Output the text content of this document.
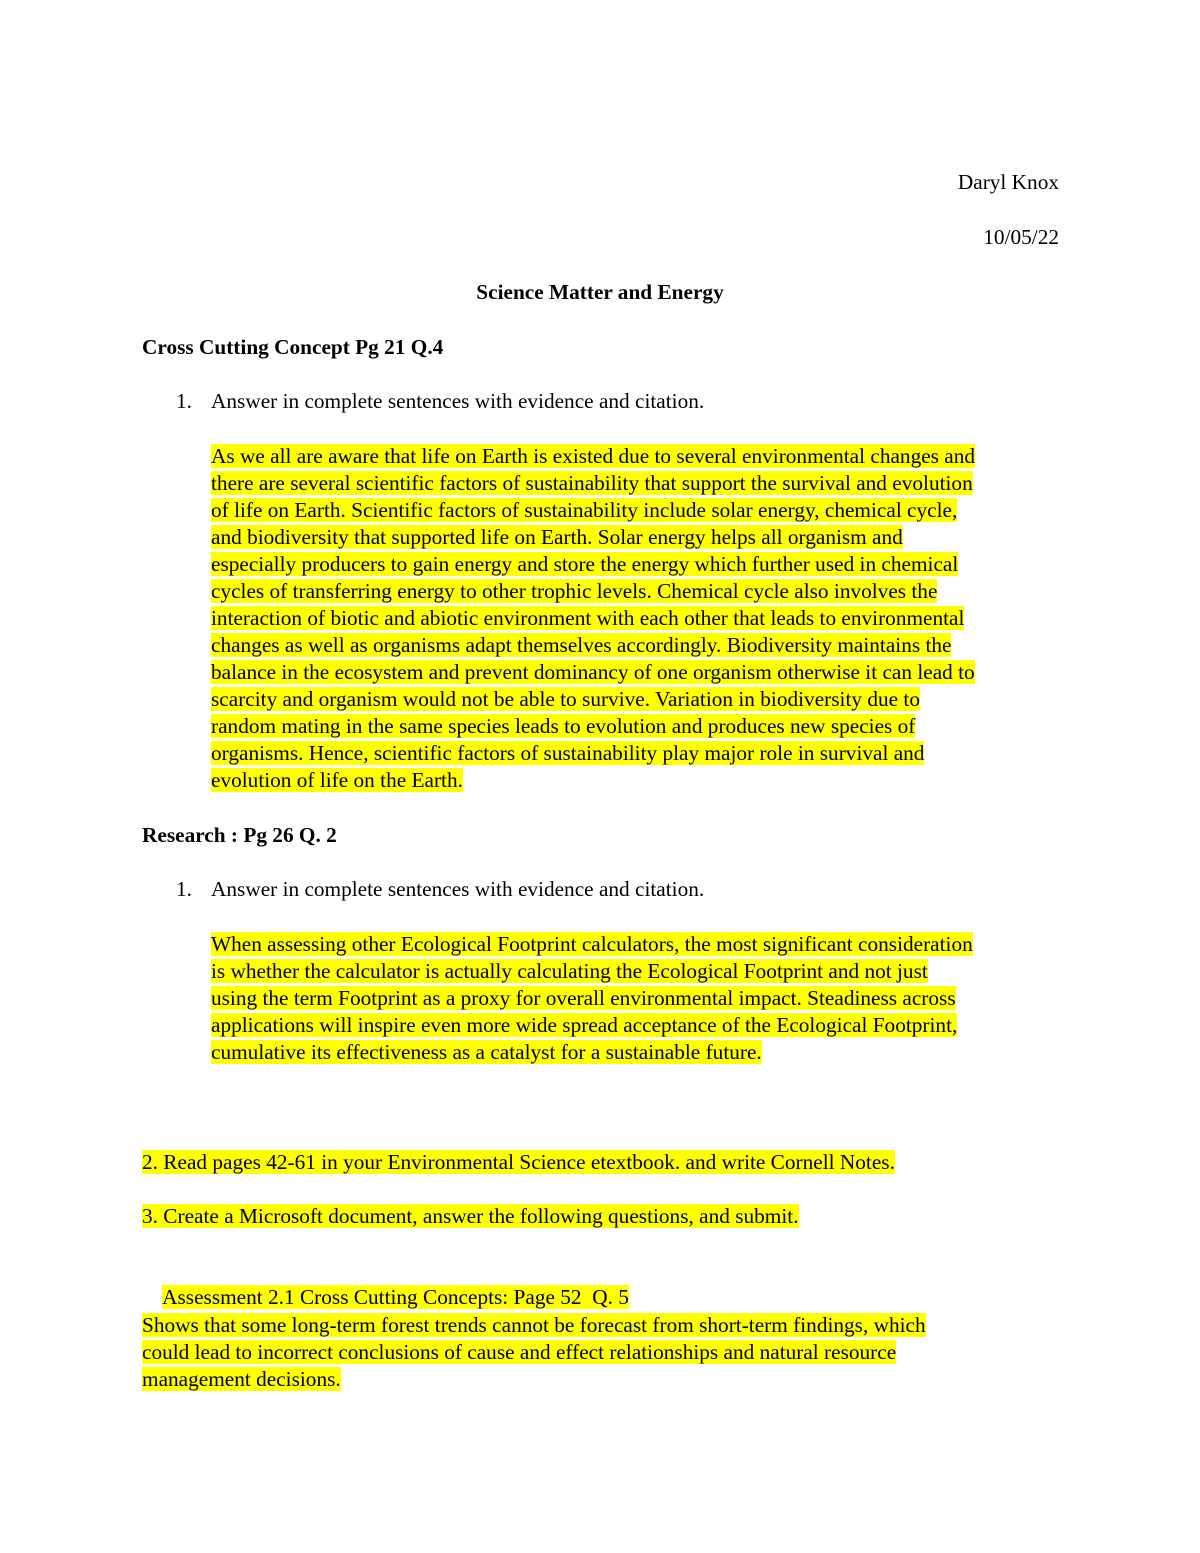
Daryl Knox
10/05/22
Science Matter and Energy
Cross Cutting Concept Pg 21 Q.4
1. Answer in complete sentences with evidence and citation.
As we all are aware that life on Earth is existed due to several environmental changes and
there are several scientific factors of sustainability that support the survival and evolution
of life on Earth. Scientific factors of sustainability include solar energy, chemical cycle,
and biodiversity that supported life on Earth. Solar energy helps all organism and
especially producers to gain energy and store the energy which further used in chemical
cycles of transferring energy to other trophic levels. Chemical cycle also involves the
interaction of biotic and abiotic environment with each other that leads to environmental
changes as well as organisms adapt themselves accordingly. Biodiversity maintains the
balance in the ecosystem and prevent dominancy of one organism otherwise it can lead to
scarcity and organism would not be able to survive. Variation in biodiversity due to
random mating in the same species leads to evolution and produces new species of
organisms. Hence, scientific factors of sustainability play major role in survival and
evolution of life on the Earth.
Research : Pg 26 Q. 2
1. Answer in complete sentences with evidence and citation.
When assessing other Ecological Footprint calculators, the most significant consideration
is whether the calculator is actually calculating the Ecological Footprint and not just
using the term Footprint as a proxy for overall environmental impact. Steadiness across
applications will inspire even more wide spread acceptance of the Ecological Footprint,
cumulative its effectiveness as a catalyst for a sustainable future.
2. Read pages 42-61 in your Environmental Science etextbook. and write Cornell Notes.
3. Create a Microsoft document, answer the following questions, and submit.

Assessment 2.1 Cross Cutting Concepts: Page 52  Q. 5

Shows that some long-term forest trends cannot be forecast from short-term findings, which
could lead to incorrect conclusions of cause and effect relationships and natural resource
management decisions.
